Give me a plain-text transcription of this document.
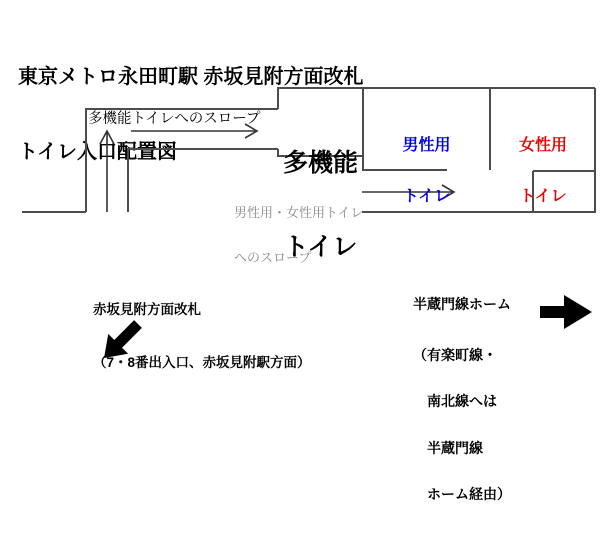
東京メトロ永田町駅 赤坂見附方面改札

トイレ入口配置図

多機能トイレへのスロープ

多機能

トイレ

男性用

トイレ

女性用

トイレ

男性用・女性用トイレ

へのスロープ

赤坂見附方面改札

（7・8番出入口、赤坂見附駅方面）

半蔵門線ホーム

（有楽町線・

　南北線へは

　半蔵門線

　ホーム経由）
